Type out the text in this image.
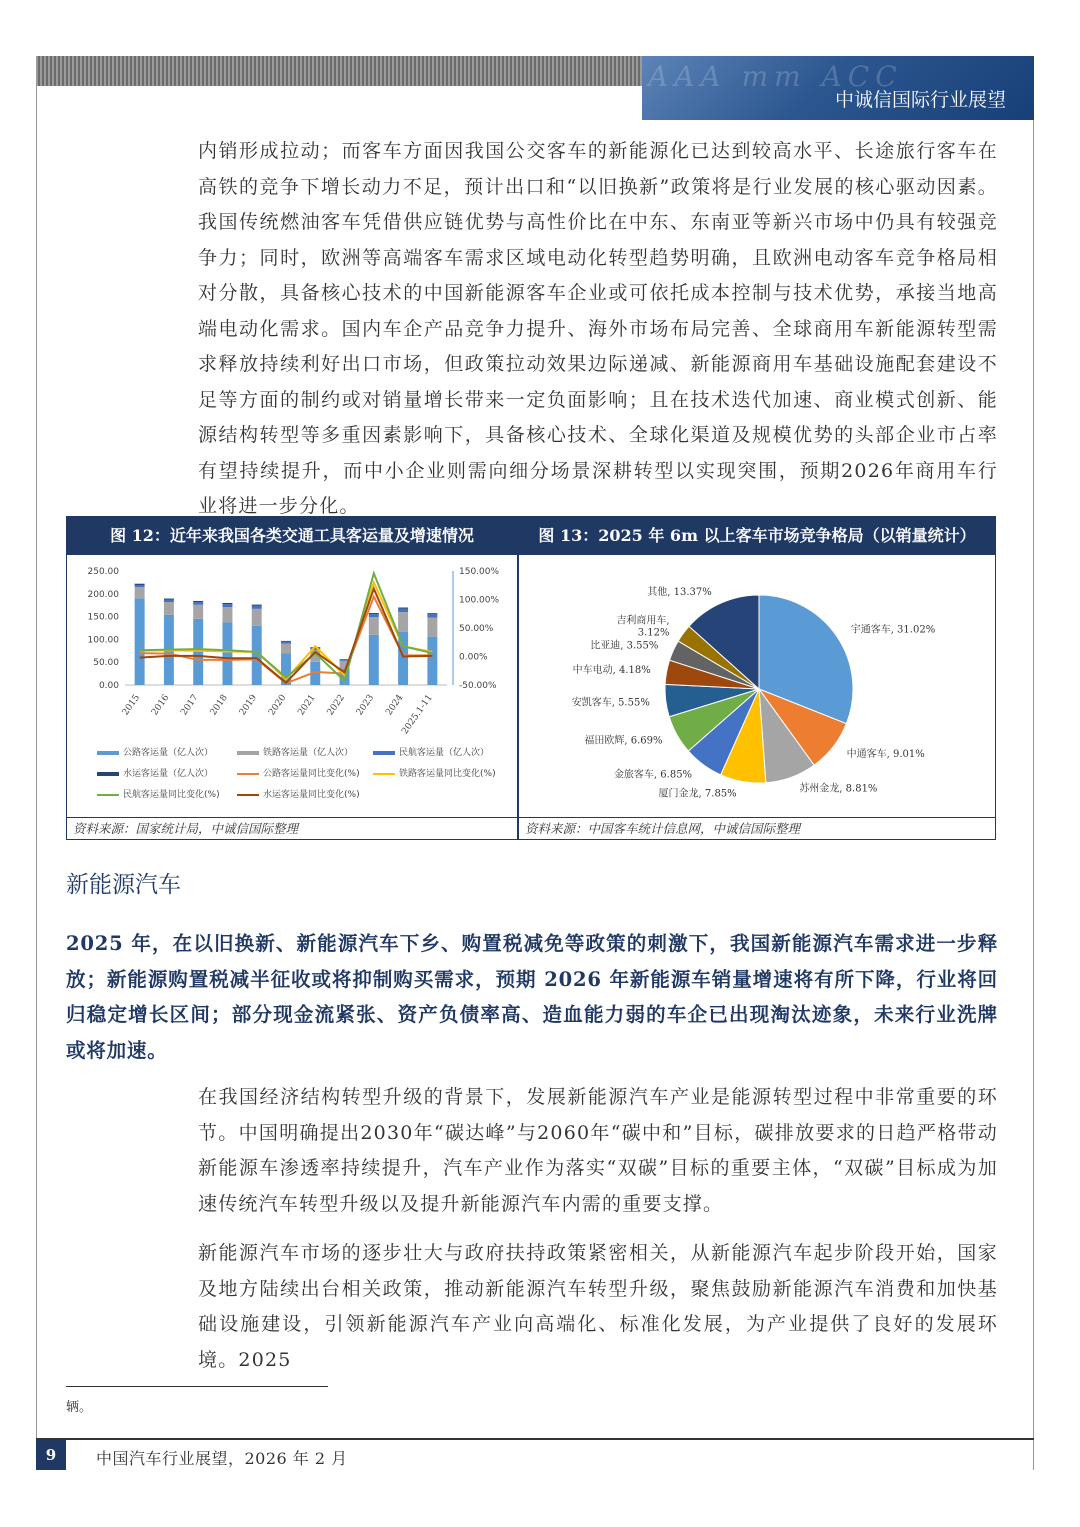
AAA mm ACC
中诚信国际行业展望
内销形成拉动；而客车方面因我国公交客车的新能源化已达到较高水平、长途旅行客车在高铁的竞争下增长动力不足，预计出口和“以旧换新”政策将是行业发展的核心驱动因素。我国传统燃油客车凭借供应链优势与高性价比在中东、东南亚等新兴市场中仍具有较强竞争力；同时，欧洲等高端客车需求区域电动化转型趋势明确，且欧洲电动客车竞争格局相对分散，具备核心技术的中国新能源客车企业或可依托成本控制与技术优势，承接当地高端电动化需求。国内车企产品竞争力提升、海外市场布局完善、全球商用车新能源转型需求释放持续利好出口市场，但政策拉动效果边际递减、新能源商用车基础设施配套建设不足等方面的制约或对销量增长带来一定负面影响；且在技术迭代加速、商业模式创新、能源结构转型等多重因素影响下，具备核心技术、全球化渠道及规模优势的头部企业市占率有望持续提升，而中小企业则需向细分场景深耕转型以实现突围，预期2026年商用车行业将进一步分化。
图 12：近年来我国各类交通工具客运量及增速情况	图 13：2025 年 6m 以上客车市场竞争格局（以销量统计）
0.00
50.00
100.00
150.00
200.00
250.00
-50.00%
0.00%
50.00%
100.00%
150.00%
2015 2016 2017 2018 2019 2020 2021 2022 2023 2024
2025.1-11
公路客运量（亿人次）	铁路客运量（亿人次）	民航客运量（亿人次）
水运客运量（亿人次）	公路客运量同比变化(%)	铁路客运量同比变化(%)
民航客运量同比变化(%)	水运客运量同比变化(%)
宇通客车, 31.02%
中通客车, 9.01%
苏州金龙, 8.81%
厦门金龙, 7.85%
金旅客车, 6.85%
福田欧辉, 6.69%
安凯客车, 5.55%
中车电动, 4.18%
比亚迪, 3.55%
吉利商用车,
3.12%
其他, 13.37%
资料来源：国家统计局，中诚信国际整理	资料来源：中国客车统计信息网，中诚信国际整理
新能源汽车
2025 年，在以旧换新、新能源汽车下乡、购置税减免等政策的刺激下，我国新能源汽车需求进一步释放；新能源购置税减半征收或将抑制购买需求，预期 2026 年新能源车销量增速将有所下降，行业将回归稳定增长区间；部分现金流紧张、资产负债率高、造血能力弱的车企已出现淘汰迹象，未来行业洗牌或将加速。
在我国经济结构转型升级的背景下，发展新能源汽车产业是能源转型过程中非常重要的环节。中国明确提出2030年“碳达峰”与2060年“碳中和”目标，碳排放要求的日趋严格带动新能源车渗透率持续提升，汽车产业作为落实“双碳”目标的重要主体，“双碳”目标成为加速传统汽车转型升级以及提升新能源汽车内需的重要支撑。
新能源汽车市场的逐步壮大与政府扶持政策紧密相关，从新能源汽车起步阶段开始，国家及地方陆续出台相关政策，推动新能源汽车转型升级，聚焦鼓励新能源汽车消费和加快基础设施建设，引领新能源汽车产业向高端化、标准化发展，为产业提供了良好的发展环境。2025
辆。
9	中国汽车行业展望，2026 年 2 月
